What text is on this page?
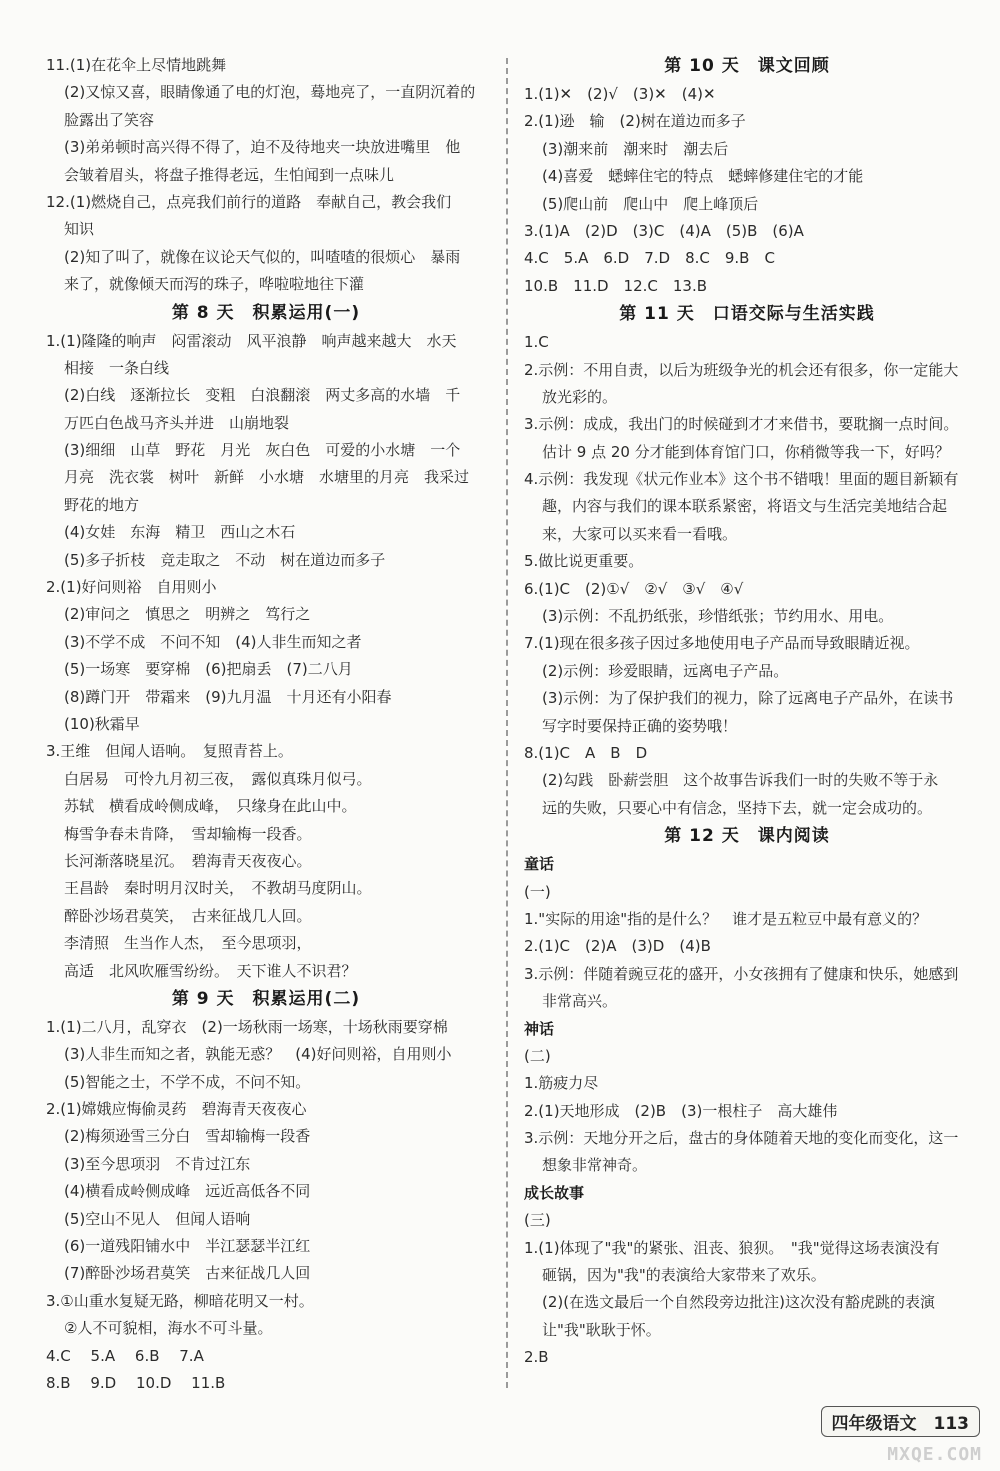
11.(1)在花伞上尽情地跳舞
(2)又惊又喜，眼睛像通了电的灯泡，蓦地亮了，一直阴沉着的
脸露出了笑容
(3)弟弟顿时高兴得不得了，迫不及待地夹一块放进嘴里　他
会皱着眉头，将盘子推得老远，生怕闻到一点味儿
12.(1)燃烧自己，点亮我们前行的道路　奉献自己，教会我们
知识
(2)知了叫了，就像在议论天气似的，叫喳喳的很烦心　暴雨
来了，就像倾天而泻的珠子，哗啦啦地往下灌
第 8 天　积累运用(一)
1.(1)隆隆的响声　闷雷滚动　风平浪静　响声越来越大　水天
相接　一条白线
(2)白线　逐渐拉长　变粗　白浪翻滚　两丈多高的水墙　千
万匹白色战马齐头并进　山崩地裂
(3)细细　山草　野花　月光　灰白色　可爱的小水塘　一个
月亮　洗衣裳　树叶　新鲜　小水塘　水塘里的月亮　我采过
野花的地方
(4)女娃　东海　精卫　西山之木石
(5)多子折枝　竞走取之　不动　树在道边而多子
2.(1)好问则裕　自用则小
(2)审问之　慎思之　明辨之　笃行之
(3)不学不成　不问不知　(4)人非生而知之者
(5)一场寒　要穿棉　(6)把扇丢　(7)二八月
(8)蹲门开　带霜来　(9)九月温　十月还有小阳春
(10)秋霜早
3.王维　但闻人语响。　复照青苔上。
白居易　可怜九月初三夜，　露似真珠月似弓。
苏轼　横看成岭侧成峰，　只缘身在此山中。
梅雪争春未肯降，　雪却输梅一段香。
长河渐落晓星沉。　碧海青天夜夜心。
王昌龄　秦时明月汉时关，　不教胡马度阴山。
醉卧沙场君莫笑，　古来征战几人回。
李清照　生当作人杰，　至今思项羽，
高适　北风吹雁雪纷纷。　天下谁人不识君？
第 9 天　积累运用(二)
1.(1)二八月，乱穿衣　(2)一场秋雨一场寒，十场秋雨要穿棉
(3)人非生而知之者，孰能无惑？　(4)好问则裕，自用则小
(5)智能之士，不学不成，不问不知。
2.(1)嫦娥应悔偷灵药　碧海青天夜夜心
(2)梅须逊雪三分白　雪却输梅一段香
(3)至今思项羽　不肯过江东
(4)横看成岭侧成峰　远近高低各不同
(5)空山不见人　但闻人语响
(6)一道残阳铺水中　半江瑟瑟半江红
(7)醉卧沙场君莫笑　古来征战几人回
3.①山重水复疑无路，柳暗花明又一村。
②人不可貌相，海水不可斗量。
4.C　 5.A　 6.B　 7.A
8.B　 9.D　 10.D　 11.B
第 10 天　课文回顾
1.(1)✕　(2)√　(3)✕　(4)✕
2.(1)逊　输　(2)树在道边而多子
(3)潮来前　潮来时　潮去后
(4)喜爱　蟋蟀住宅的特点　蟋蟀修建住宅的才能
(5)爬山前　爬山中　爬上峰顶后
3.(1)A　(2)D　(3)C　(4)A　(5)B　(6)A
4.C　5.A　6.D　7.D　8.C　9.B　C
10.B　11.D　12.C　13.B
第 11 天　口语交际与生活实践
1.C
2.示例：不用自责，以后为班级争光的机会还有很多，你一定能大
放光彩的。
3.示例：成成，我出门的时候碰到才才来借书，要耽搁一点时间。
估计 9 点 20 分才能到体育馆门口，你稍微等我一下，好吗？
4.示例：我发现《状元作业本》这个书不错哦！里面的题目新颖有
趣，内容与我们的课本联系紧密，将语文与生活完美地结合起
来，大家可以买来看一看哦。
5.做比说更重要。
6.(1)C　(2)①√　②√　③√　④√
(3)示例：不乱扔纸张，珍惜纸张；节约用水、用电。
7.(1)现在很多孩子因过多地使用电子产品而导致眼睛近视。
(2)示例：珍爱眼睛，远离电子产品。
(3)示例：为了保护我们的视力，除了远离电子产品外，在读书
写字时要保持正确的姿势哦！
8.(1)C　A　B　D
(2)勾践　卧薪尝胆　这个故事告诉我们一时的失败不等于永
远的失败，只要心中有信念，坚持下去，就一定会成功的。
第 12 天　课内阅读
童话
(一)
1."实际的用途"指的是什么？　谁才是五粒豆中最有意义的？
2.(1)C　(2)A　(3)D　(4)B
3.示例：伴随着豌豆花的盛开，小女孩拥有了健康和快乐，她感到
非常高兴。
神话
(二)
1.筋疲力尽
2.(1)天地形成　(2)B　(3)一根柱子　高大雄伟
3.示例：天地分开之后，盘古的身体随着天地的变化而变化，这一
想象非常神奇。
成长故事
(三)
1.(1)体现了"我"的紧张、沮丧、狼狈。　"我"觉得这场表演没有
砸锅，因为"我"的表演给大家带来了欢乐。
(2)(在选文最后一个自然段旁边批注)这次没有豁虎跳的表演
让"我"耿耿于怀。
2.B
四年级语文　113
MXQE.COM
